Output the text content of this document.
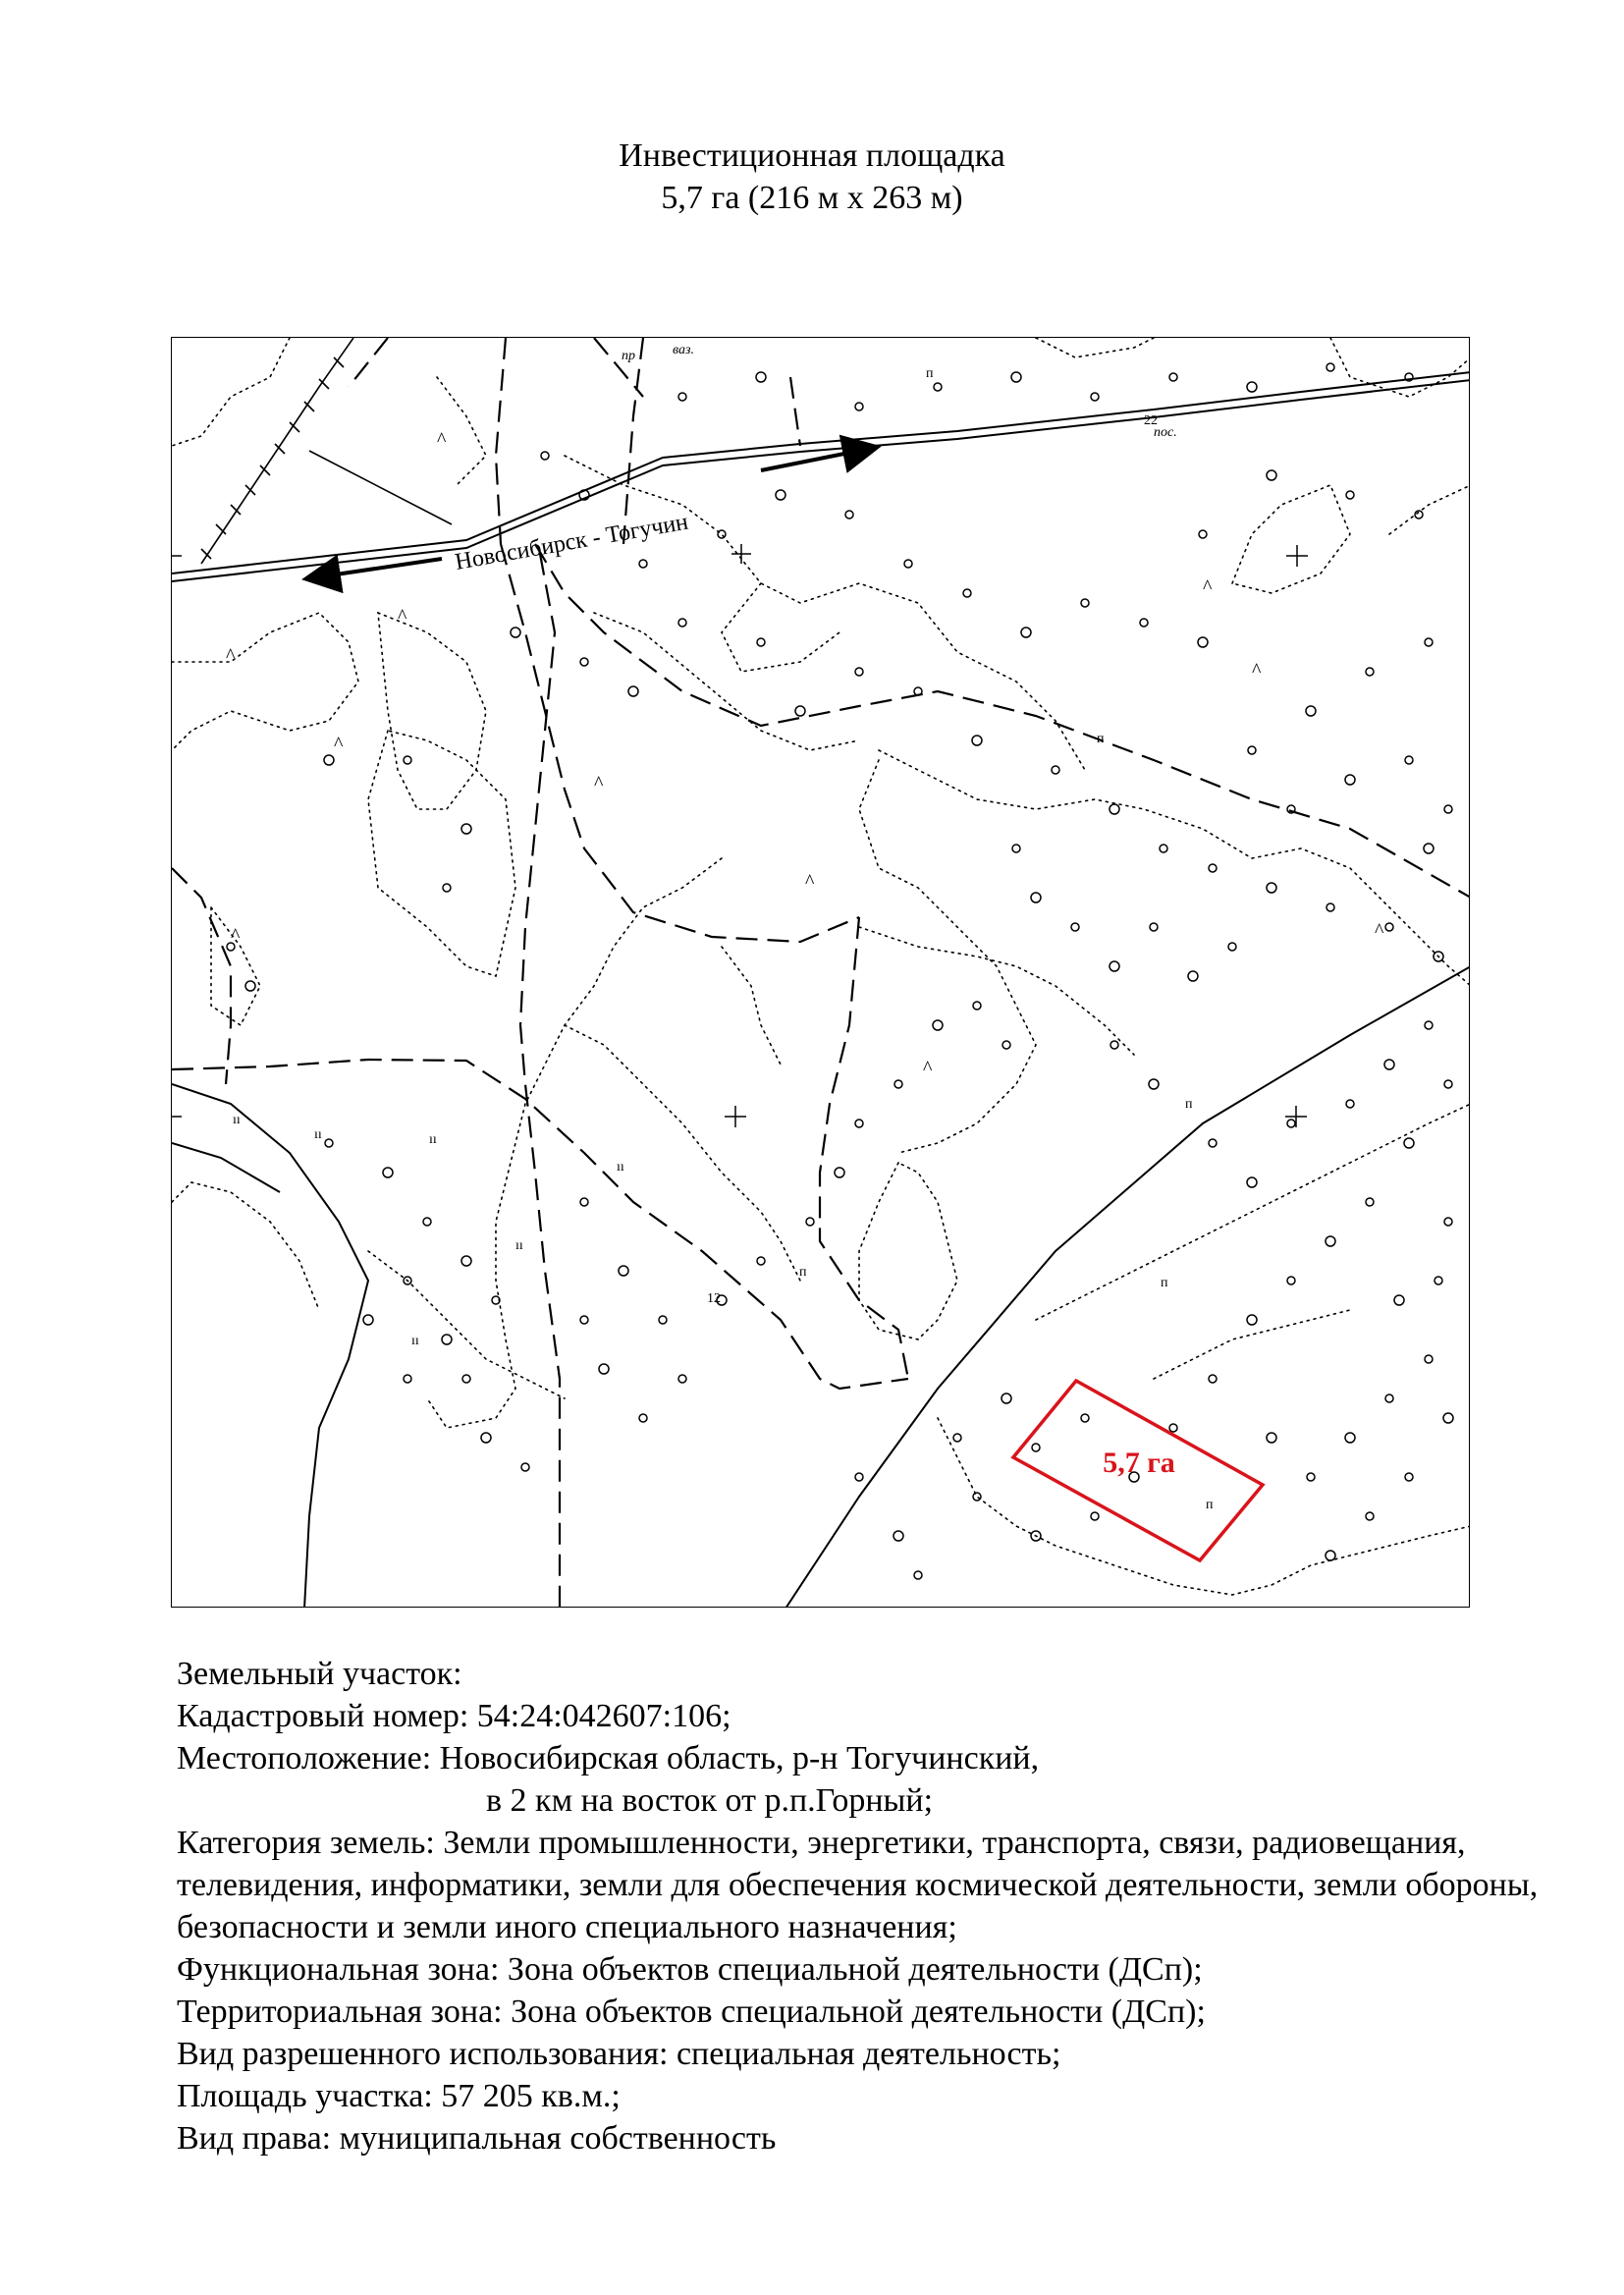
Инвестиционная площадка
5,7 га (216 м х 263 м)
Новосибирск - Тогучин
пр	ваз.
пос.
22
12
п
п
п
п
п
п
ıı
ıı	ıı
ıı
ıı
ıı
^
^
^
^
^
^
^
^
^
^
^
5,7 га

Земельный участок:

Кадастровый номер: 54:24:042607:106;

Местоположение: Новосибирская область, р-н Тогучинский,

в 2 км на восток от р.п.Горный;

Категория земель: Земли промышленности, энергетики, транспорта, связи, радиовещания, телевидения, информатики, земли для обеспечения космической деятельности, земли обороны, безопасности и земли иного специального назначения;

Функциональная зона: Зона объектов специальной деятельности (ДСп);

Территориальная зона: Зона объектов специальной деятельности (ДСп);

Вид разрешенного использования: специальная деятельность;

Площадь участка: 57 205 кв.м.;

Вид права: муниципальная собственность
